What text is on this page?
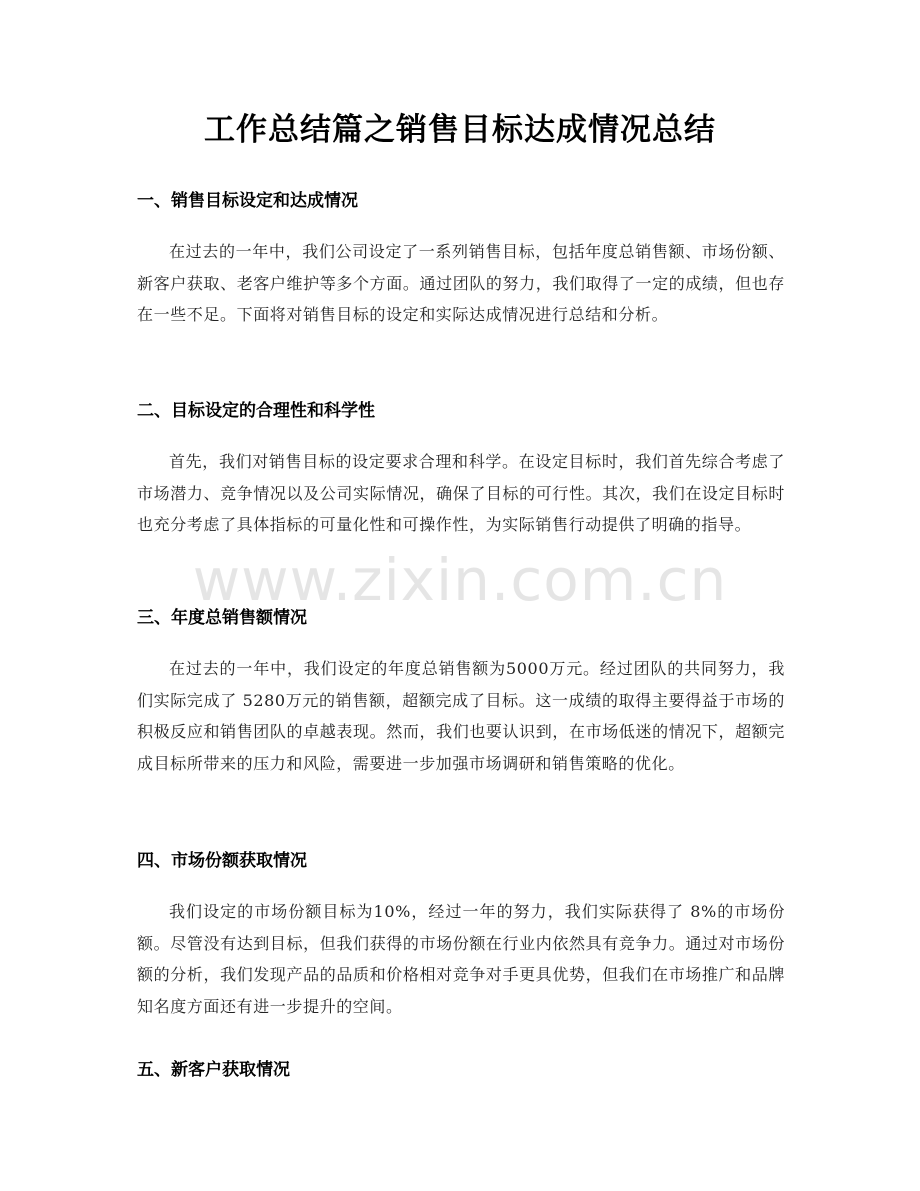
工作总结篇之销售目标达成情况总结
一、销售目标设定和达成情况

在过去的一年中，我们公司设定了一系列销售目标，包括年度总销售额、市场份额、新客户获取、老客户维护等多个方面。通过团队的努力，我们取得了一定的成绩，但也存在一些不足。下面将对销售目标的设定和实际达成情况进行总结和分析。

二、目标设定的合理性和科学性

首先，我们对销售目标的设定要求合理和科学。在设定目标时，我们首先综合考虑了市场潜力、竞争情况以及公司实际情况，确保了目标的可行性。其次，我们在设定目标时也充分考虑了具体指标的可量化性和可操作性，为实际销售行动提供了明确的指导。

三、年度总销售额情况

在过去的一年中，我们设定的年度总销售额为5000万元。经过团队的共同努力，我们实际完成了 5280万元的销售额，超额完成了目标。这一成绩的取得主要得益于市场的积极反应和销售团队的卓越表现。然而，我们也要认识到，在市场低迷的情况下，超额完成目标所带来的压力和风险，需要进一步加强市场调研和销售策略的优化。

四、市场份额获取情况

我们设定的市场份额目标为10%，经过一年的努力，我们实际获得了 8%的市场份额。尽管没有达到目标，但我们获得的市场份额在行业内依然具有竞争力。通过对市场份额的分析，我们发现产品的品质和价格相对竞争对手更具优势，但我们在市场推广和品牌知名度方面还有进一步提升的空间。

五、新客户获取情况
www.zixin.com.cn
